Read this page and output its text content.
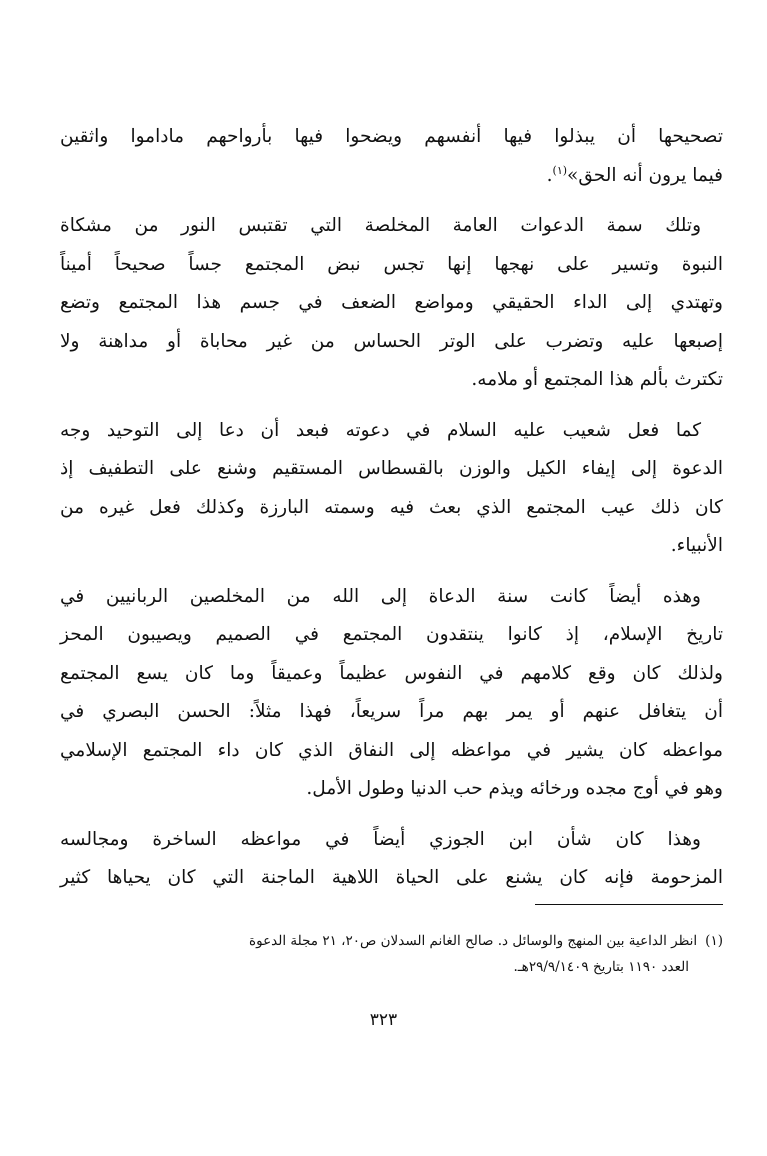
تصحيحها أن يبذلوا فيها أنفسهم ويضحوا فيها بأرواحهم ماداموا واثقين
فيما يرون أنه الحق»$^{(١)}$.

وتلك سمة الدعوات العامة المخلصة التي تقتبس النور من مشكاة
النبوة وتسير على نهجها إنها تجس نبض المجتمع جساً صحيحاً أميناً
وتهتدي إلى الداء الحقيقي ومواضع الضعف في جسم هذا المجتمع وتضع
إصبعها عليه وتضرب على الوتر الحساس من غير محاباة أو مداهنة ولا
تكترث بألم هذا المجتمع أو ملامه.

كما فعل شعيب عليه السلام في دعوته فبعد أن دعا إلى التوحيد وجه
الدعوة إلى إيفاء الكيل والوزن بالقسطاس المستقيم وشنع على التطفيف إذ
كان ذلك عيب المجتمع الذي بعث فيه وسمته البارزة وكذلك فعل غيره من
الأنبياء.

وهذه أيضاً كانت سنة الدعاة إلى الله من المخلصين الربانيين في
تاريخ الإسلام، إذ كانوا ينتقدون المجتمع في الصميم ويصيبون المحز
ولذلك كان وقع كلامهم في النفوس عظيماً وعميقاً وما كان يسع المجتمع
أن يتغافل عنهم أو يمر بهم مراً سريعاً، فهذا مثلاً: الحسن البصري في
مواعظه كان يشير في مواعظه إلى النفاق الذي كان داء المجتمع الإسلامي
وهو في أوج مجده ورخائه ويذم حب الدنيا وطول الأمل.

وهذا كان شأن ابن الجوزي أيضاً في مواعظه الساخرة ومجالسه
المزحومة فإنه كان يشنع على الحياة اللاهية الماجنة التي كان يحياها كثير

(١)انظر الداعية بين المنهج والوسائل د. صالح الغانم السدلان ص٢٠، ٢١ مجلة الدعوة
العدد ١١٩٠ بتاريخ ٢٩/٩/١٤٠٩هـ.
٣٢٣
